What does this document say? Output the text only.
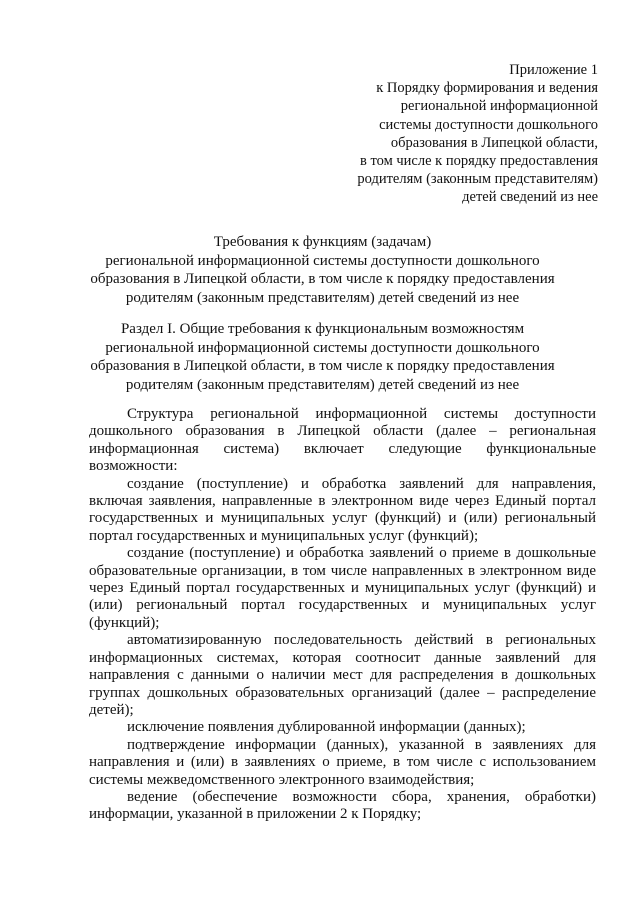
Приложение 1
к Порядку формирования и ведения
региональной информационной
системы доступности дошкольного
образования в Липецкой области,
в том числе к порядку предоставления
родителям (законным представителям)
детей сведений из нее
Требования к функциям (задачам)
региональной информационной системы доступности дошкольного
образования в Липецкой области, в том числе к порядку предоставления
родителям (законным представителям) детей сведений из нее
Раздел I. Общие требования к функциональным возможностям
региональной информационной системы доступности дошкольного
образования в Липецкой области, в том числе к порядку предоставления
родителям (законным представителям) детей сведений из нее

Структура региональной информационной системы доступности дошкольного образования в Липецкой области (далее – региональная информационная система) включает следующие функциональные возможности:

создание (поступление) и обработка заявлений для направления, включая заявления, направленные в электронном виде через Единый портал государственных и муниципальных услуг (функций) и (или) региональный портал государственных и муниципальных услуг (функций);

создание (поступление) и обработка заявлений о приеме в дошкольные образовательные организации, в том числе направленных в электронном виде через Единый портал государственных и муниципальных услуг (функций) и (или) региональный портал государственных и муниципальных услуг (функций);

автоматизированную последовательность действий в региональных информационных системах, которая соотносит данные заявлений для направления с данными о наличии мест для распределения в дошкольных группах дошкольных образовательных организаций (далее – распределение детей);

исключение появления дублированной информации (данных);

подтверждение информации (данных), указанной в заявлениях для направления и (или) в заявлениях о приеме, в том числе с использованием системы межведомственного электронного взаимодействия;

ведение (обеспечение возможности сбора, хранения, обработки) информации, указанной в приложении 2 к Порядку;
